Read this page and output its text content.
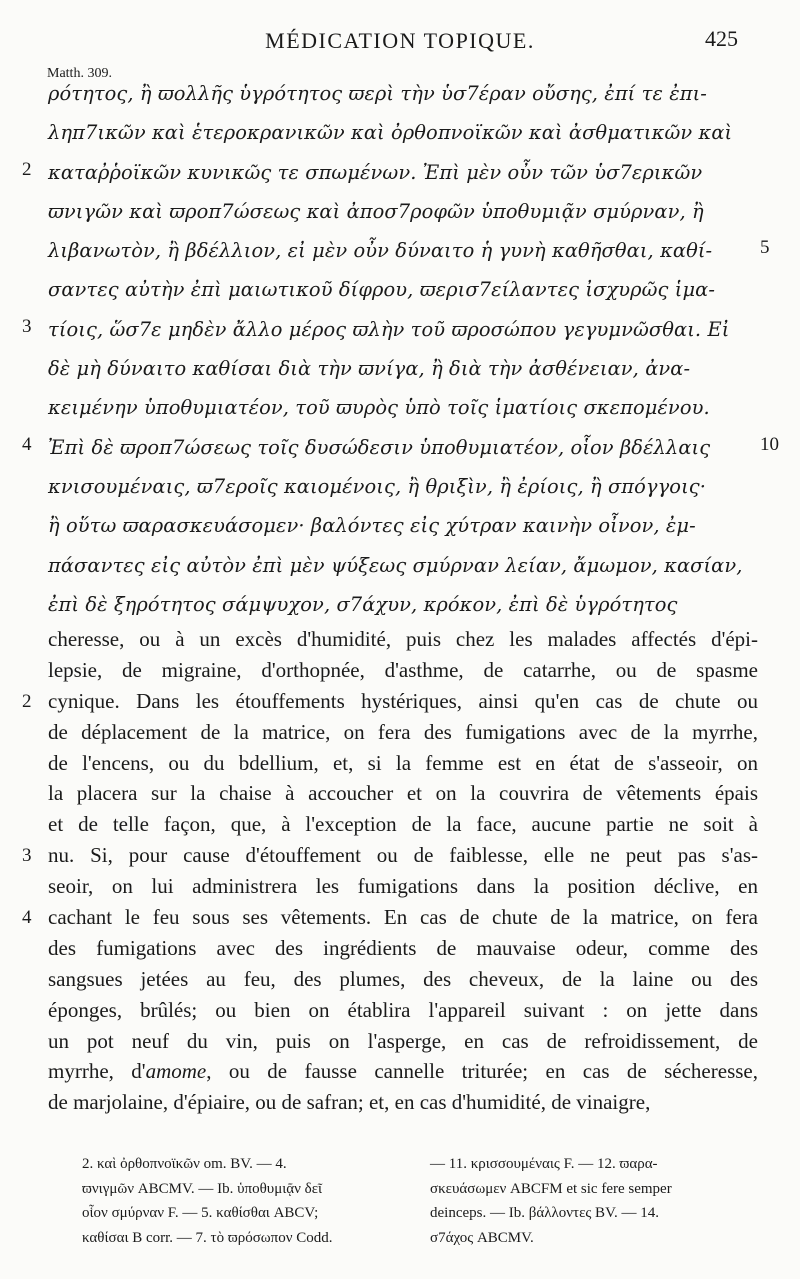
MÉDICATION TOPIQUE.	425
Matth. 309.
ρότητος, ἢ ϖολλῆς ὑγρότητος ϖερὶ τὴν ὑσ7έραν οὔσης, ἐπί τε ἐπι-
ληπ7ικῶν καὶ ἑτεροκρανικῶν καὶ ὀρθοπνοϊκῶν καὶ ἀσθματικῶν καὶ
καταῤῥοϊκῶν κυνικῶς τε σπωμένων. Ἐπὶ μὲν οὖν τῶν ὑσ7ερικῶν
ϖνιγῶν καὶ ϖροπ7ώσεως καὶ ἀποσ7ροφῶν ὑποθυμιᾷν σμύρναν, ἢ
λιβανωτὸν, ἢ βδέλλιον, εἰ μὲν οὖν δύναιτο ἡ γυνὴ καθῆσθαι, καθί-
σαντες αὐτὴν ἐπὶ μαιωτικοῦ δίφρου, ϖερισ7είλαντες ἰσχυρῶς ἱμα-
τίοις, ὥσ7ε μηδὲν ἄλλο μέρος ϖλὴν τοῦ ϖροσώπου γεγυμνῶσθαι. Εἰ
δὲ μὴ δύναιτο καθίσαι διὰ τὴν ϖνίγα, ἢ διὰ τὴν ἀσθένειαν, ἀνα-
κειμένην ὑποθυμιατέον, τοῦ ϖυρὸς ὑπὸ τοῖς ἱματίοις σκεπομένου.
Ἐπὶ δὲ ϖροπ7ώσεως τοῖς δυσώδεσιν ὑποθυμιατέον, οἷον βδέλλαις
κνισουμέναις, ϖ7εροῖς καιομένοις, ἢ θριξὶν, ἢ ἐρίοις, ἢ σπόγγοις·
ἢ οὕτω ϖαρασκευάσομεν· βαλόντες εἰς χύτραν καινὴν οἶνον, ἐμ-
πάσαντες εἰς αὐτὸν ἐπὶ μὲν ψύξεως σμύρναν λείαν, ἄμωμον, κασίαν,
ἐπὶ δὲ ξηρότητος σάμψυχον, σ7άχυν, κρόκον, ἐπὶ δὲ ὑγρότητος
2
3
4
5
10
cheresse, ou à un excès d'humidité, puis chez les malades affectés d'épi-
lepsie, de migraine, d'orthopnée, d'asthme, de catarrhe, ou de spasme
cynique. Dans les étouffements hystériques, ainsi qu'en cas de chute ou
de déplacement de la matrice, on fera des fumigations avec de la myrrhe,
de l'encens, ou du bdellium, et, si la femme est en état de s'asseoir, on
la placera sur la chaise à accoucher et on la couvrira de vêtements épais
et de telle façon, que, à l'exception de la face, aucune partie ne soit à
nu. Si, pour cause d'étouffement ou de faiblesse, elle ne peut pas s'as-
seoir, on lui administrera les fumigations dans la position déclive, en
cachant le feu sous ses vêtements. En cas de chute de la matrice, on fera
des fumigations avec des ingrédients de mauvaise odeur, comme des
sangsues jetées au feu, des plumes, des cheveux, de la laine ou des
éponges, brûlés; ou bien on établira l'appareil suivant : on jette dans
un pot neuf du vin, puis on l'asperge, en cas de refroidissement, de
myrrhe, d'amome, ou de fausse cannelle triturée; en cas de sécheresse,
de marjolaine, d'épiaire, ou de safran; et, en cas d'humidité, de vinaigre,
2
3
4
2. καὶ ὀρθοπνοϊκῶν om. BV. — 4.
ϖνιγμῶν ABCMV. — Ib. ὑποθυμιᾷν δεῖ
οἷον σμύρναν F. — 5. καθίσθαι ABCV;
καθίσαι B corr. — 7. τὸ ϖρόσωπον Codd.
— 11. κρισσουμέναις F. — 12. ϖαρα-
σκευάσωμεν ABCFM et sic fere semper
deinceps. — Ib. βάλλοντες BV. — 14.
σ7άχος ABCMV.
